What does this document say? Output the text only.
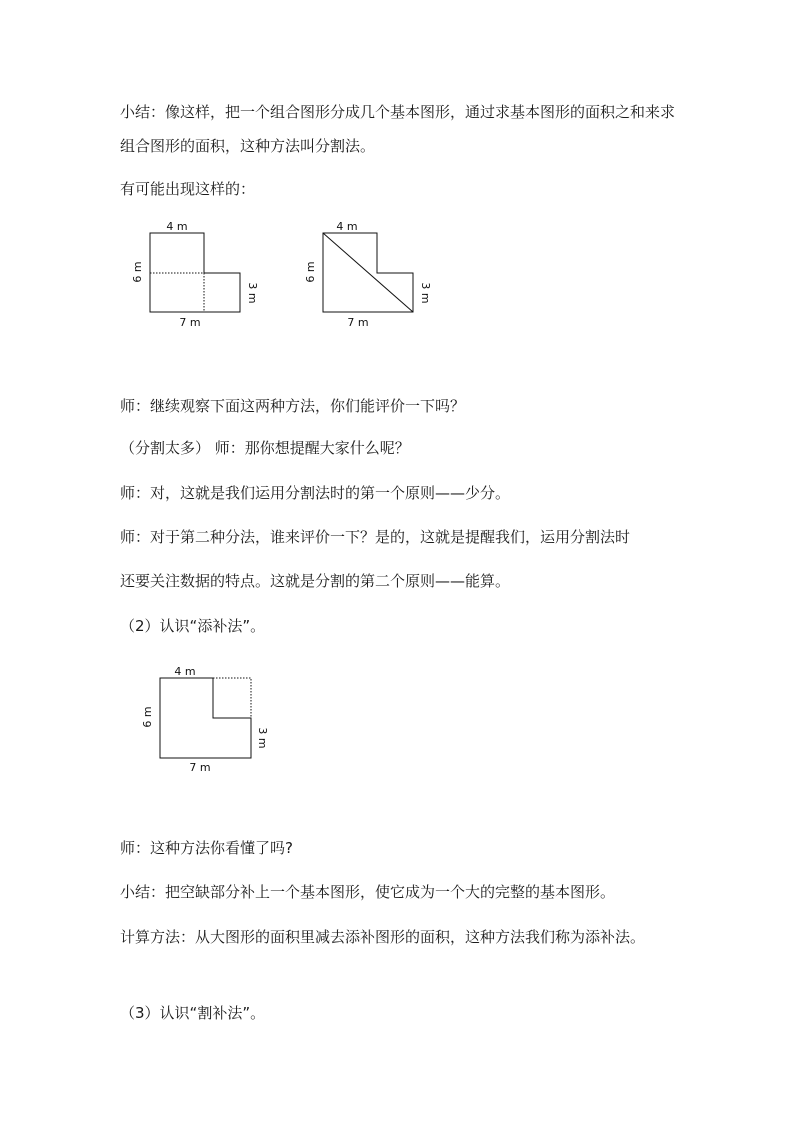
小结：像这样，把一个组合图形分成几个基本图形，通过求基本图形的面积之和来求组合图形的面积，这种方法叫分割法。
有可能出现这样的：
4 m
6 m
3 m
7 m
4 m
6 m
3 m
7 m
师：继续观察下面这两种方法，你们能评价一下吗？
（分割太多） 师：那你想提醒大家什么呢？
师：对，这就是我们运用分割法时的第一个原则——少分。
师：对于第二种分法，谁来评价一下？是的，这就是提醒我们，运用分割法时
还要关注数据的特点。这就是分割的第二个原则——能算。
（2）认识“添补法”。
4 m
6 m
3 m
7 m
师：这种方法你看懂了吗?
小结：把空缺部分补上一个基本图形，使它成为一个大的完整的基本图形。
计算方法：从大图形的面积里减去添补图形的面积，这种方法我们称为添补法。
（3）认识“割补法”。
